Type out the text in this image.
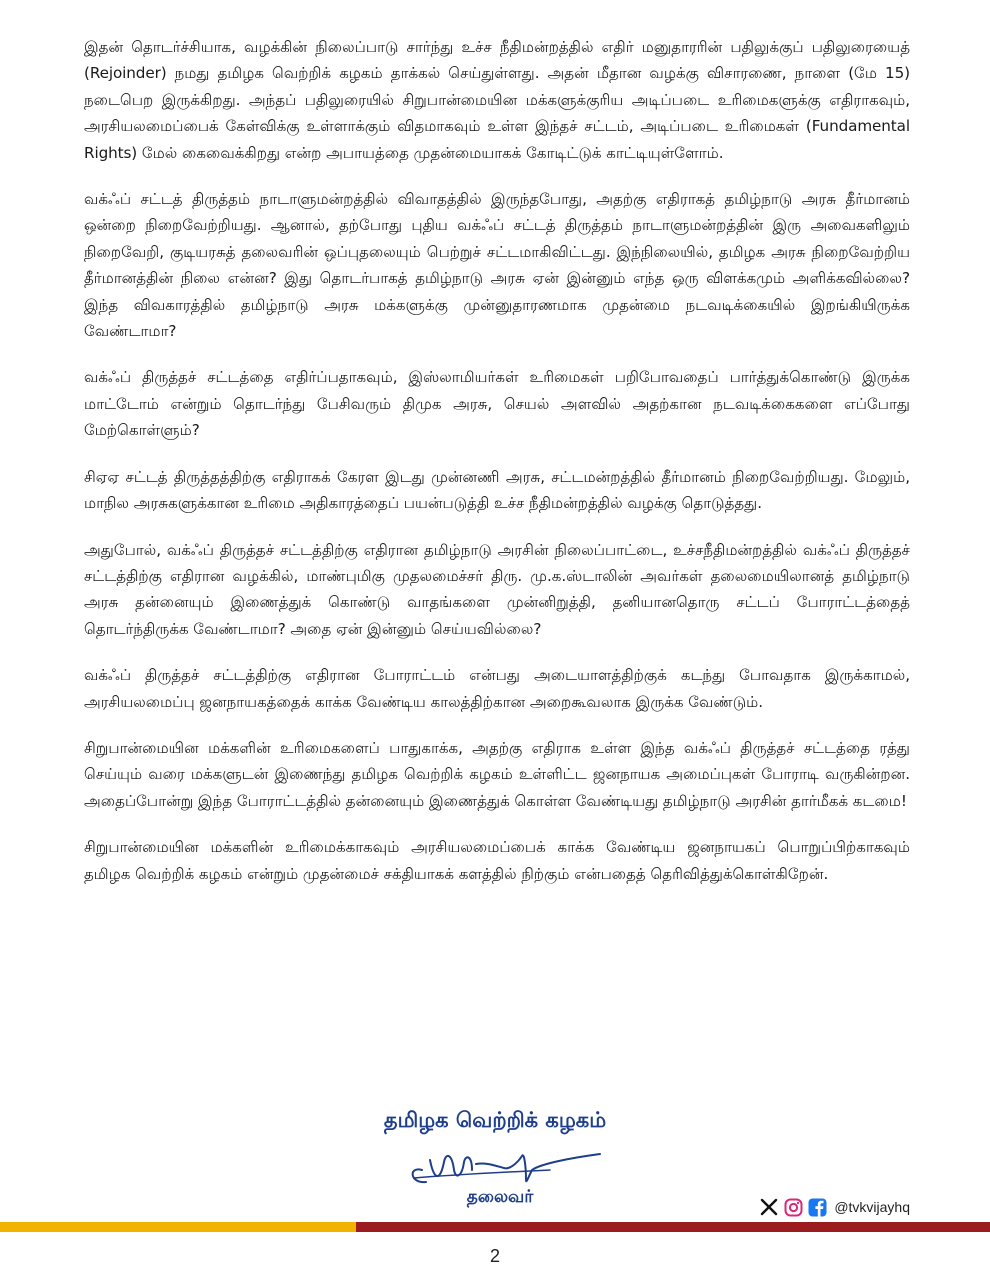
இதன் தொடர்ச்சியாக, வழக்கின் நிலைப்பாடு சார்ந்து உச்ச நீதிமன்றத்தில் எதிர் மனுதாரரின் பதிலுக்குப் பதிலுரையைத் (Rejoinder) நமது தமிழக வெற்றிக் கழகம் தாக்கல் செய்துள்ளது. அதன் மீதான வழக்கு விசாரணை, நாளை (மே 15) நடைபெற இருக்கிறது. அந்தப் பதிலுரையில் சிறுபான்மையின மக்களுக்குரிய அடிப்படை உரிமைகளுக்கு எதிராகவும், அரசியலமைப்பைக் கேள்விக்கு உள்ளாக்கும் விதமாகவும் உள்ள இந்தச் சட்டம், அடிப்படை உரிமைகள் (Fundamental Rights) மேல் கைவைக்கிறது என்ற அபாயத்தை முதன்மையாகக் கோடிட்டுக் காட்டியுள்ளோம்.

வக்ஃப் சட்டத் திருத்தம் நாடாளுமன்றத்தில் விவாதத்தில் இருந்தபோது, அதற்கு எதிராகத் தமிழ்நாடு அரசு தீர்மானம் ஒன்றை நிறைவேற்றியது. ஆனால், தற்போது புதிய வக்ஃப் சட்டத் திருத்தம் நாடாளுமன்றத்தின் இரு அவைகளிலும் நிறைவேறி, குடியரசுத் தலைவரின் ஒப்புதலையும் பெற்றுச் சட்டமாகிவிட்டது. இந்நிலையில், தமிழக அரசு நிறைவேற்றிய தீர்மானத்தின் நிலை என்ன? இது தொடர்பாகத் தமிழ்நாடு அரசு ஏன் இன்னும் எந்த ஒரு விளக்கமும் அளிக்கவில்லை? இந்த விவகாரத்தில் தமிழ்நாடு அரசு மக்களுக்கு முன்னுதாரணமாக முதன்மை நடவடிக்கையில் இறங்கியிருக்க வேண்டாமா?

வக்ஃப் திருத்தச் சட்டத்தை எதிர்ப்பதாகவும், இஸ்லாமியர்கள் உரிமைகள் பறிபோவதைப் பார்த்துக்கொண்டு இருக்க மாட்டோம் என்றும் தொடர்ந்து பேசிவரும் திமுக அரசு, செயல் அளவில் அதற்கான நடவடிக்கைகளை எப்போது மேற்கொள்ளும்?

சிஏஏ சட்டத் திருத்தத்திற்கு எதிராகக் கேரள இடது முன்னணி அரசு, சட்டமன்றத்தில் தீர்மானம் நிறைவேற்றியது. மேலும், மாநில அரசுகளுக்கான உரிமை அதிகாரத்தைப் பயன்படுத்தி உச்ச நீதிமன்றத்தில் வழக்கு தொடுத்தது.

அதுபோல், வக்ஃப் திருத்தச் சட்டத்திற்கு எதிரான தமிழ்நாடு அரசின் நிலைப்பாட்டை, உச்சநீதிமன்றத்தில் வக்ஃப் திருத்தச் சட்டத்திற்கு எதிரான வழக்கில், மாண்புமிகு முதலமைச்சர் திரு. மு.க.ஸ்டாலின் அவர்கள் தலைமையிலானத் தமிழ்நாடு அரசு தன்னையும் இணைத்துக் கொண்டு வாதங்களை முன்னிறுத்தி, தனியானதொரு சட்டப் போராட்டத்தைத் தொடர்ந்திருக்க வேண்டாமா? அதை ஏன் இன்னும் செய்யவில்லை?

வக்ஃப் திருத்தச் சட்டத்திற்கு எதிரான போராட்டம் என்பது அடையாளத்திற்குக் கடந்து போவதாக இருக்காமல், அரசியலமைப்பு ஜனநாயகத்தைக் காக்க வேண்டிய காலத்திற்கான அறைகூவலாக இருக்க வேண்டும்.

சிறுபான்மையின மக்களின் உரிமைகளைப் பாதுகாக்க, அதற்கு எதிராக உள்ள இந்த வக்ஃப் திருத்தச் சட்டத்தை ரத்து செய்யும் வரை மக்களுடன் இணைந்து தமிழக வெற்றிக் கழகம் உள்ளிட்ட ஜனநாயக அமைப்புகள் போராடி வருகின்றன. அதைப்போன்று இந்த போராட்டத்தில் தன்னையும் இணைத்துக் கொள்ள வேண்டியது தமிழ்நாடு அரசின் தார்மீகக் கடமை!

சிறுபான்மையின மக்களின் உரிமைக்காகவும் அரசியலமைப்பைக் காக்க வேண்டிய ஜனநாயகப் பொறுப்பிற்காகவும் தமிழக வெற்றிக் கழகம் என்றும் முதன்மைச் சக்தியாகக் களத்தில் நிற்கும் என்பதைத் தெரிவித்துக்கொள்கிறேன்.

தமிழக வெற்றிக் கழகம்
தலைவர்	@tvkvijayhq
2
